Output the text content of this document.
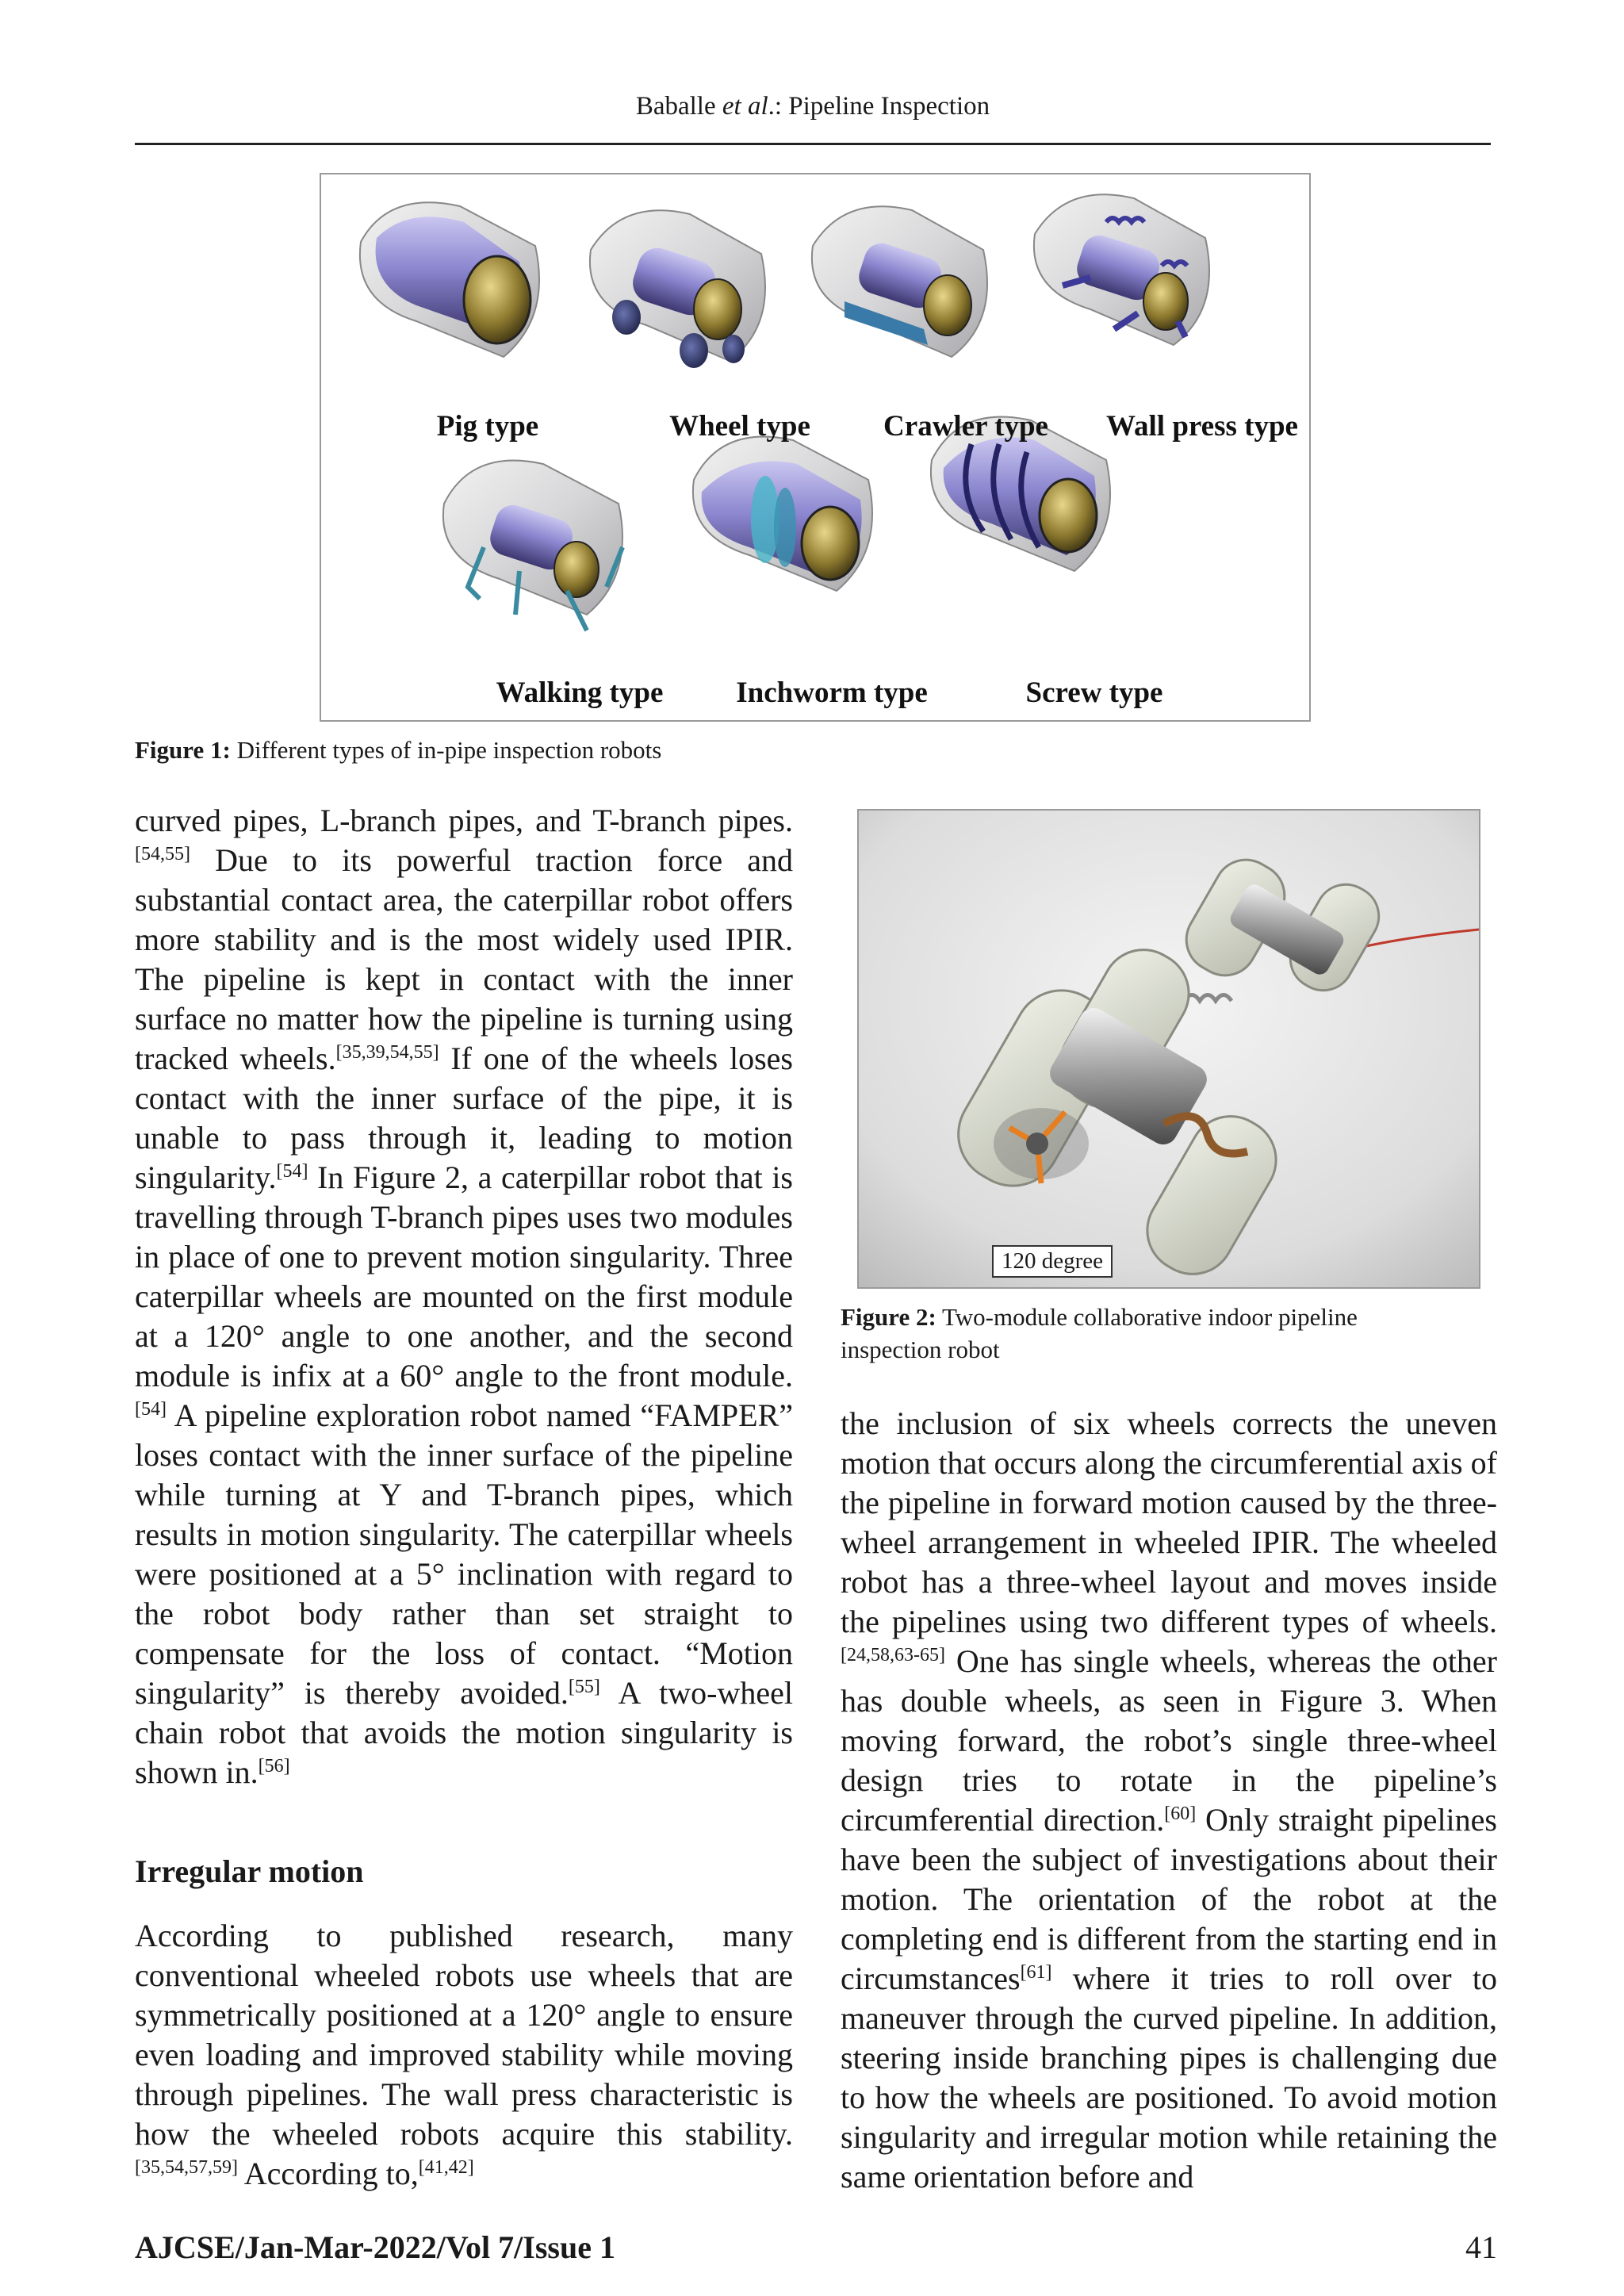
Baballe et al.: Pipeline Inspection
Pig type	Wheel type Crawler type Wall press type
Walking type Inchworm type	Screw type
Figure 1: Different types of in-pipe inspection robots
120 degree
Figure 2: Two-module collaborative indoor pipeline inspection robot

curved pipes, L-branch pipes, and T-branch pipes.[54,55] Due to its powerful traction force and substantial contact area, the caterpillar robot offers more stability and is the most widely used IPIR. The pipeline is kept in contact with the inner surface no matter how the pipeline is turning using tracked wheels.[35,39,54,55] If one of the wheels loses contact with the inner surface of the pipe, it is unable to pass through it, leading to motion singularity.[54] In Figure 2, a caterpillar robot that is travelling through T-branch pipes uses two modules in place of one to prevent motion singularity. Three caterpillar wheels are mounted on the first module at a 120° angle to one another, and the second module is infix at a 60° angle to the front module.[54] A pipeline exploration robot named “FAMPER” loses contact with the inner surface of the pipeline while turning at Y and T-branch pipes, which results in motion singularity. The caterpillar wheels were positioned at a 5° inclination with regard to the robot body rather than set straight to compensate for the loss of contact. “Motion singularity” is thereby avoided.[55] A two-wheel chain robot that avoids the motion singularity is shown in.[56]

Irregular motion

According to published research, many conventional wheeled robots use wheels that are symmetrically positioned at a 120° angle to ensure even loading and improved stability while moving through pipelines. The wall press characteristic is how the wheeled robots acquire this stability.[35,54,57,59] According to,[41,42]

the inclusion of six wheels corrects the uneven motion that occurs along the circumferential axis of the pipeline in forward motion caused by the three-wheel arrangement in wheeled IPIR. The wheeled robot has a three-wheel layout and moves inside the pipelines using two different types of wheels.[24,58,63-65] One has single wheels, whereas the other has double wheels, as seen in Figure 3. When moving forward, the robot’s single three-wheel design tries to rotate in the pipeline’s circumferential direction.[60] Only straight pipelines have been the subject of investigations about their motion. The orientation of the robot at the completing end is different from the starting end in circumstances[61] where it tries to roll over to maneuver through the curved pipeline. In addition, steering inside branching pipes is challenging due to how the wheels are positioned. To avoid motion singularity and irregular motion while retaining the same orientation before and

AJCSE/Jan-Mar-2022/Vol 7/Issue 1	41
